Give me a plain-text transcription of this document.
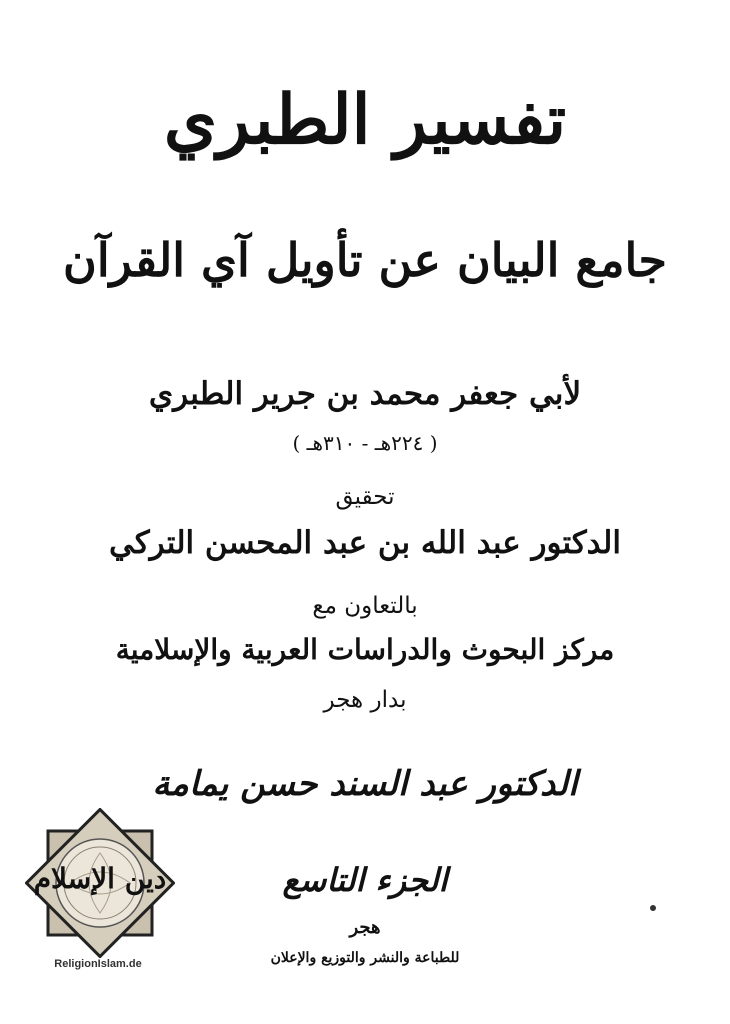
تفسير الطبري
جامع البيان عن تأويل آي القرآن
لأبي جعفر محمد بن جرير الطبري
( ٢٢٤هـ - ٣١٠هـ )
تحقيق
الدكتور عبد الله بن عبد المحسن التركي
بالتعاون مع
مركز البحوث والدراسات العربية والإسلامية
بدار هجر
الدكتور عبد السند حسن يمامة
الجزء التاسع
هجر
للطباعة والنشر والتوزيع والإعلان
دين الإسلام
ReligionIslam.de
